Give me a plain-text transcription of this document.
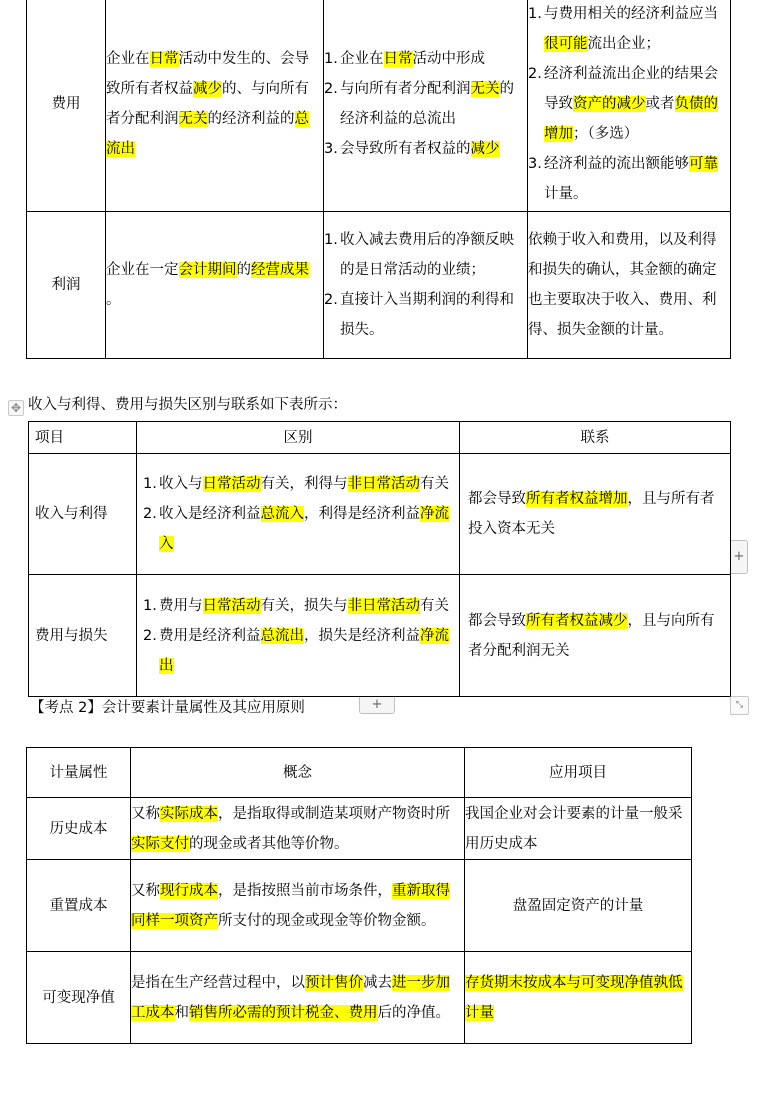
费用	企业在日常活动中发生的、会导致所有者权益减少的、与向所有者分配利润无关的经济利益的总流出	1. 企业在日常活动中形成
2. 与向所有者分配利润无关的经济利益的总流出
3. 会导致所有者权益的减少	1. 与费用相关的经济利益应当很可能流出企业；
2. 经济利益流出企业的结果会导致资产的减少或者负债的增加；（多选）
3. 经济利益的流出额能够可靠计量。

利润	企业在一定会计期间的经营成果 。	1. 收入减去费用后的净额反映的是日常活动的业绩；
2. 直接计入当期利润的利得和损失。	依赖于收入和费用，以及利得和损失的确认，其金额的确定也主要取决于收入、费用、利得、损失金额的计量。
✥ 收入与利得、费用与损失区别与联系如下表所示：
项目	区别	联系
收入与利得	1. 收入与日常活动有关，利得与非日常活动有关
2. 收入是经济利益总流入，利得是经济利益净流入	都会导致所有者权益增加，且与所有者投入资本无关
费用与损失	1. 费用与日常活动有关，损失与非日常活动有关
2. 费用是经济利益总流出，损失是经济利益净流出	都会导致所有者权益减少，且与向所有者分配利润无关
+
【考点 2】会计要素计量属性及其应用原则	+	⤡
计量属性	概念	应用项目
历史成本	又称实际成本，是指取得或制造某项财产物资时所实际支付的现金或者其他等价物。	我国企业对会计要素的计量一般采用历史成本
重置成本	又称现行成本，是指按照当前市场条件，重新取得同样一项资产所支付的现金或现金等价物金额。	盘盈固定资产的计量
可变现净值	是指在生产经营过程中，以预计售价减去进一步加工成本和销售所必需的预计税金、费用后的净值。	存货期末按成本与可变现净值孰低计量
